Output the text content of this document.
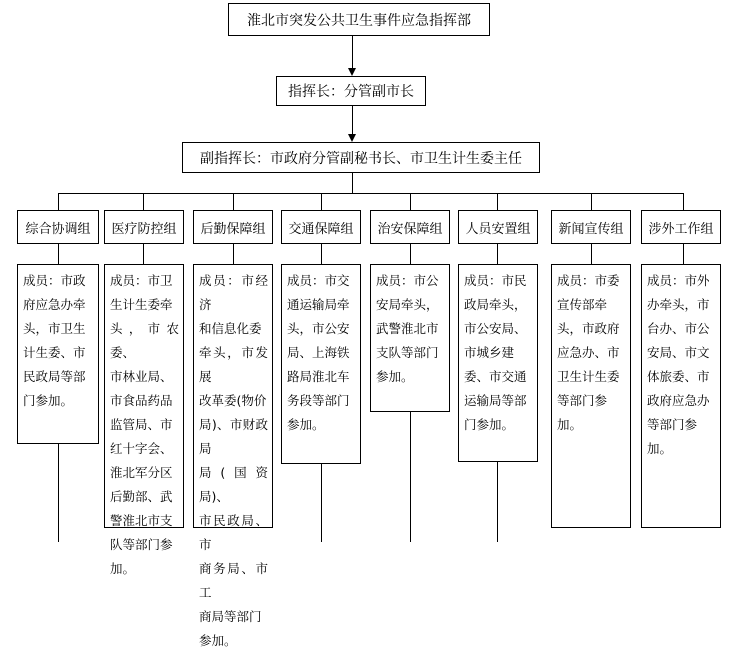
淮北市突发公共卫生事件应急指挥部
指挥长：分管副市长
副指挥长：市政府分管副秘书长、市卫生计生委主任
综合协调组 医疗防控组 后勤保障组 交通保障组 治安保障组 人员安置组 新闻宣传组 涉外工作组
成员：市政
府应急办牵
头，市卫生
计生委、市
民政局等部
门参加。
成员：市卫
生计生委牵
头，市农委、
市林业局、
市食品药品
监管局、市
红十字会、
淮北军分区
后勤部、武
警淮北市支
队等部门参
加。
成员：市经济
和信息化委
牵头，市发展
改革委(物价
局)、市财政局
局(国资局)、
市民政局、市
商务局、市工
商局等部门
参加。
成员：市交
通运输局牵
头，市公安
局、上海铁
路局淮北车
务段等部门
参加。
成员：市公
安局牵头，
武警淮北市
支队等部门
参加。
成员：市民
政局牵头，
市公安局、
市城乡建
委、市交通
运输局等部
门参加。
成员：市委
宣传部牵
头，市政府
应急办、市
卫生计生委
等部门参
加。
成员：市外
办牵头，市
台办、市公
安局、市文
体旅委、市
政府应急办
等部门参
加。
